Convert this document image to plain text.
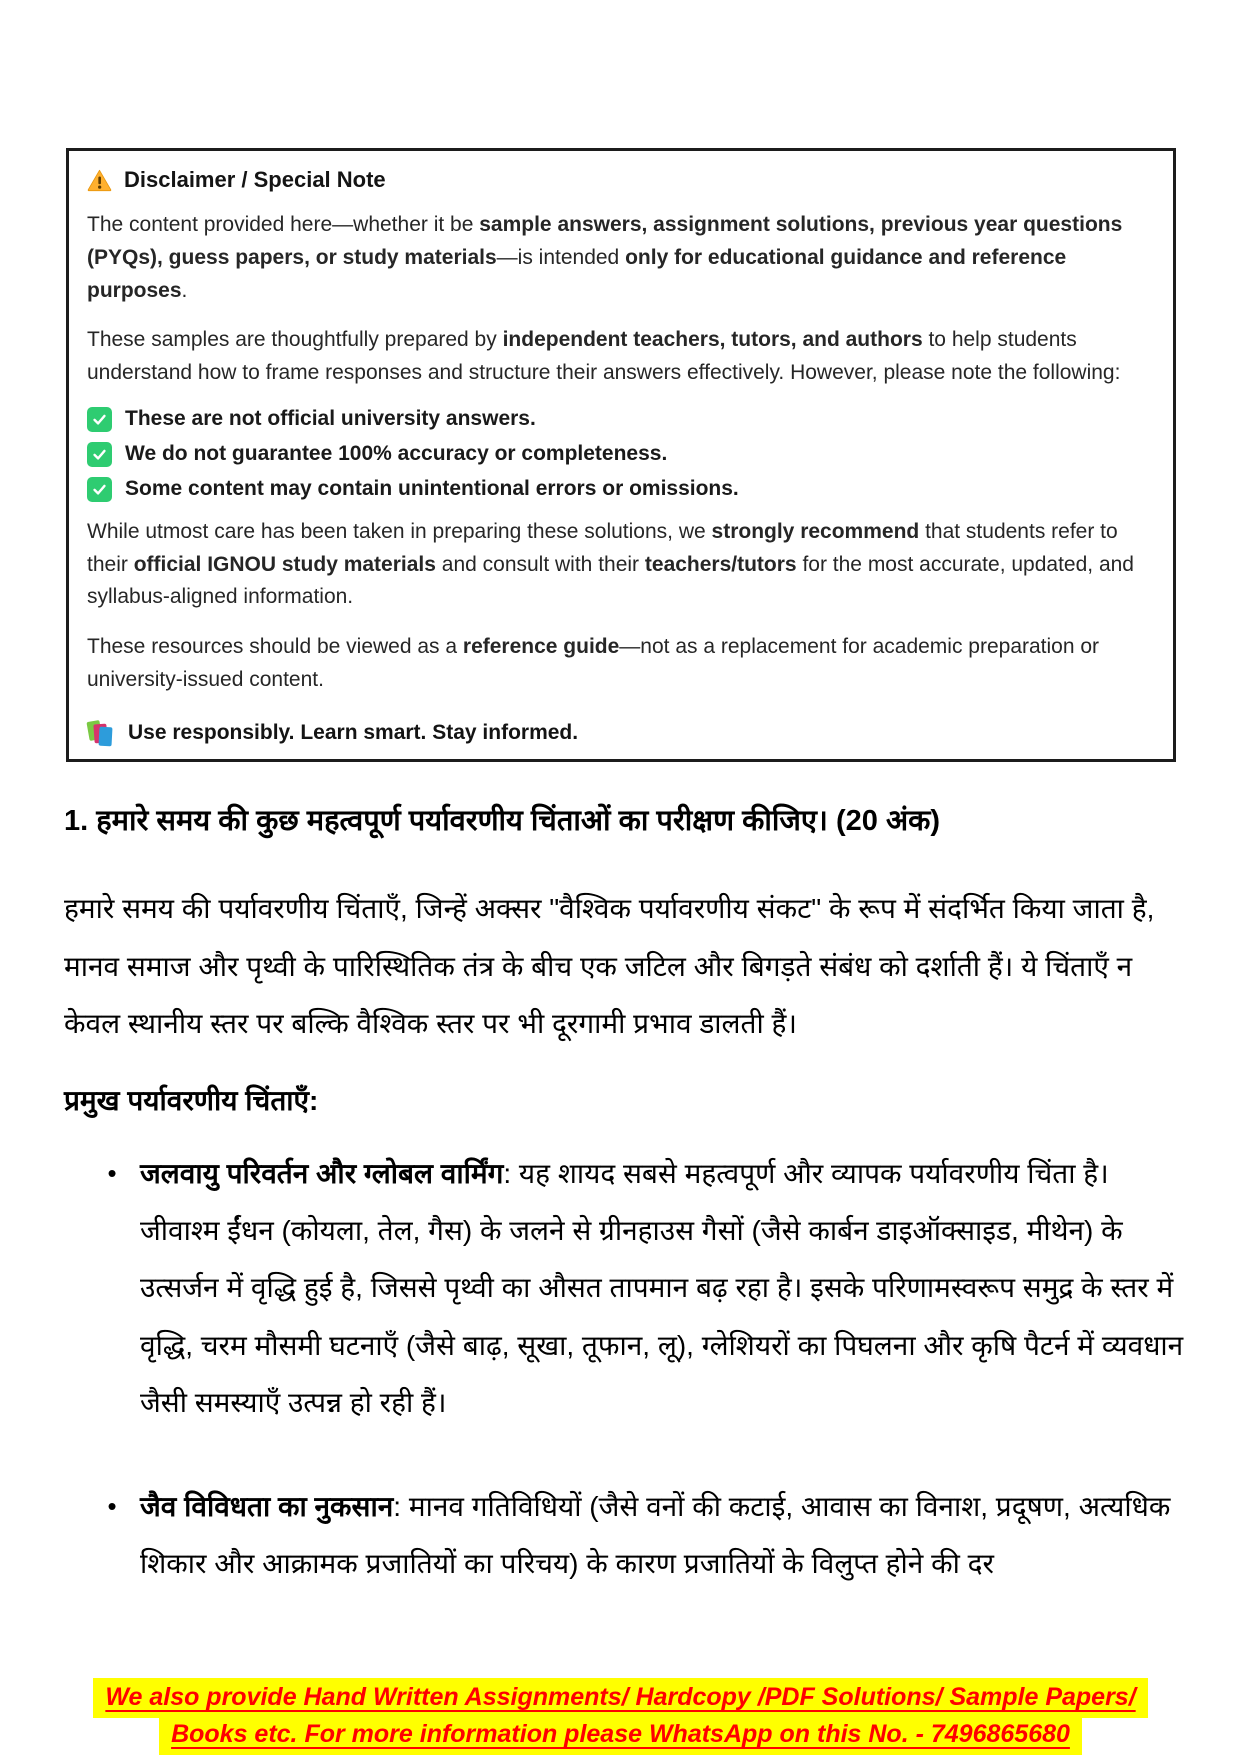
Disclaimer / Special Note

The content provided here—whether it be sample answers, assignment solutions, previous year questions (PYQs), guess papers, or study materials—is intended only for educational guidance and reference purposes.

These samples are thoughtfully prepared by independent teachers, tutors, and authors to help students understand how to frame responses and structure their answers effectively. However, please note the following:

These are not official university answers.
We do not guarantee 100% accuracy or completeness.
Some content may contain unintentional errors or omissions.

While utmost care has been taken in preparing these solutions, we strongly recommend that students refer to their official IGNOU study materials and consult with their teachers/tutors for the most accurate, updated, and syllabus-aligned information.

These resources should be viewed as a reference guide—not as a replacement for academic preparation or university-issued content.

Use responsibly. Learn smart. Stay informed.
1. हमारे समय की कुछ महत्वपूर्ण पर्यावरणीय चिंताओं का परीक्षण कीजिए। (20 अंक)

हमारे समय की पर्यावरणीय चिंताएँ, जिन्हें अक्सर "वैश्विक पर्यावरणीय संकट" के रूप में संदर्भित किया जाता है, मानव समाज और पृथ्वी के पारिस्थितिक तंत्र के बीच एक जटिल और बिगड़ते संबंध को दर्शाती हैं। ये चिंताएँ न केवल स्थानीय स्तर पर बल्कि वैश्विक स्तर पर भी दूरगामी प्रभाव डालती हैं।

प्रमुख पर्यावरणीय चिंताएँ:
• जलवायु परिवर्तन और ग्लोबल वार्मिंग: यह शायद सबसे महत्वपूर्ण और व्यापक पर्यावरणीय चिंता है। जीवाश्म ईंधन (कोयला, तेल, गैस) के जलने से ग्रीनहाउस गैसों (जैसे कार्बन डाइऑक्साइड, मीथेन) के उत्सर्जन में वृद्धि हुई है, जिससे पृथ्वी का औसत तापमान बढ़ रहा है। इसके परिणामस्वरूप समुद्र के स्तर में वृद्धि, चरम मौसमी घटनाएँ (जैसे बाढ़, सूखा, तूफान, लू), ग्लेशियरों का पिघलना और कृषि पैटर्न में व्यवधान जैसी समस्याएँ उत्पन्न हो रही हैं।
• जैव विविधता का नुकसान: मानव गतिविधियों (जैसे वनों की कटाई, आवास का विनाश, प्रदूषण, अत्यधिक शिकार और आक्रामक प्रजातियों का परिचय) के कारण प्रजातियों के विलुप्त होने की दर
We also provide Hand Written Assignments/ Hardcopy /PDF Solutions/ Sample Papers/
Books etc. For more information please WhatsApp on this No. - 7496865680
